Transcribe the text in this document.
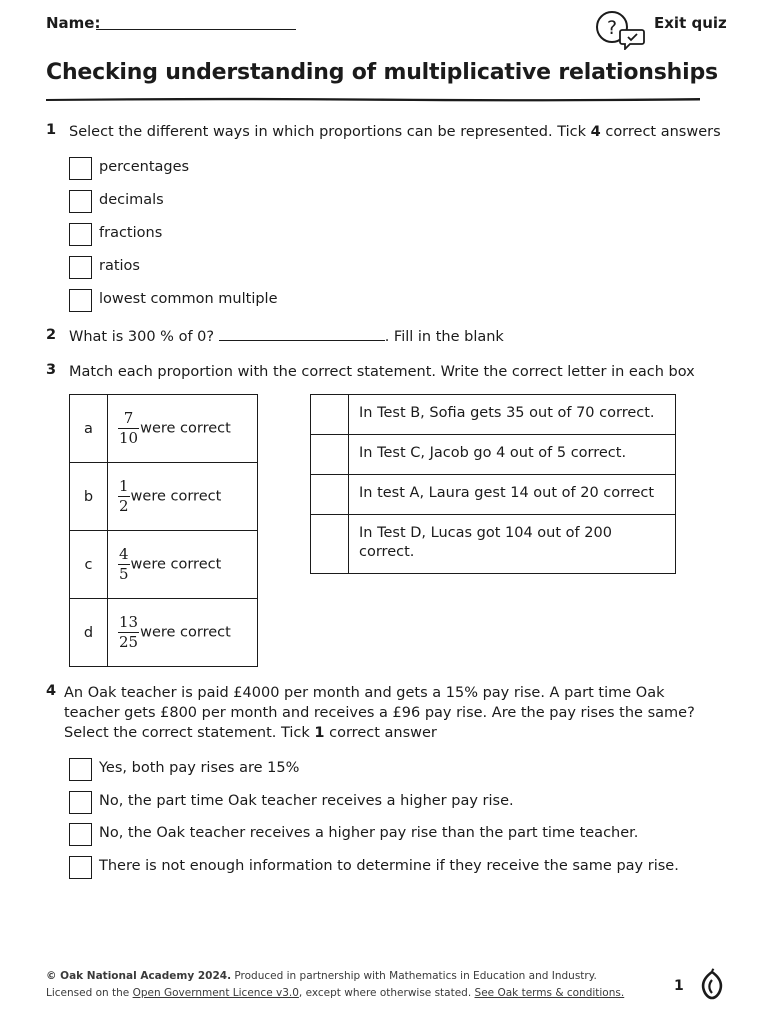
Name:	? Exit quiz
Checking understanding of multiplicative relationships
1 Select the different ways in which proportions can be represented. Tick 4 correct answers
percentages
decimals
fractions
ratios
lowest common multiple
2 What is 300 % of 0?	. Fill in the blank
3 Match each proportion with the correct statement. Write the correct letter in each box
a	$\frac{7}{10}$ were correct
b	$\frac{1}{2}$ were correct
c	$\frac{4}{5}$ were correct
d	$\frac{13}{25}$ were correct
	In Test B, Sofia gets 35 out of 70 correct.
	In Test C, Jacob go 4 out of 5 correct.
	In test A, Laura gest 14 out of 20 correct
	In Test D, Lucas got 104 out of 200 correct.
4 An Oak teacher is paid £4000 per month and gets a 15% pay rise. A part time Oak
teacher gets £800 per month and receives a £96 pay rise. Are the pay rises the same?
Select the correct statement. Tick 1 correct answer
Yes, both pay rises are 15%
No, the part time Oak teacher receives a higher pay rise.
No, the Oak teacher receives a higher pay rise than the part time teacher.
There is not enough information to determine if they receive the same pay rise.
© Oak National Academy 2024. Produced in partnership with Mathematics in Education and Industry.
Licensed on the Open Government Licence v3.0, except where otherwise stated. See Oak terms & conditions.	1
